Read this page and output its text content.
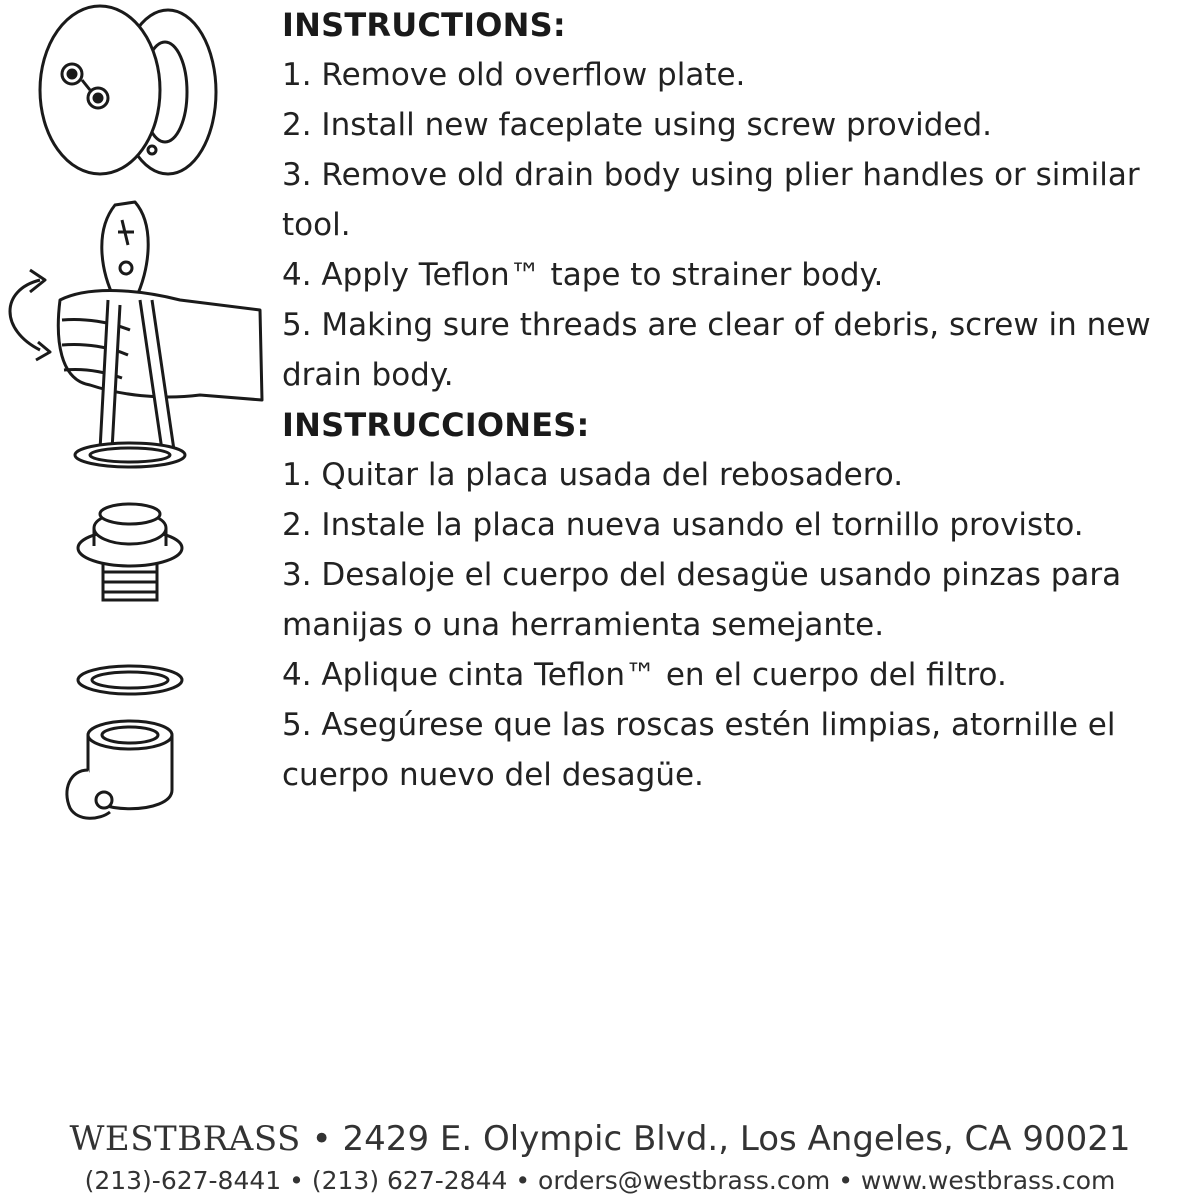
INSTRUCTIONS:

1. Remove old overflow plate.

2. Install new faceplate using screw provided.

3. Remove old drain body using plier handles or similar tool.

4. Apply Teflon™ tape to strainer body.

5. Making sure threads are clear of debris, screw in new drain body.

INSTRUCCIONES:

1. Quitar la placa usada del rebosadero.

2. Instale la placa nueva usando el tornillo provisto.

3. Desaloje el cuerpo del desagüe usando pinzas para manijas o una herramienta semejante.

4. Aplique cinta Teflon™ en el cuerpo del filtro.

5. Asegúrese que las roscas estén limpias, atornille el cuerpo nuevo del desagüe.

WESTBRASS • 2429 E. Olympic Blvd., Los Angeles, CA 90021
(213)-627-8441 • (213) 627-2844 • orders@westbrass.com • www.westbrass.com
